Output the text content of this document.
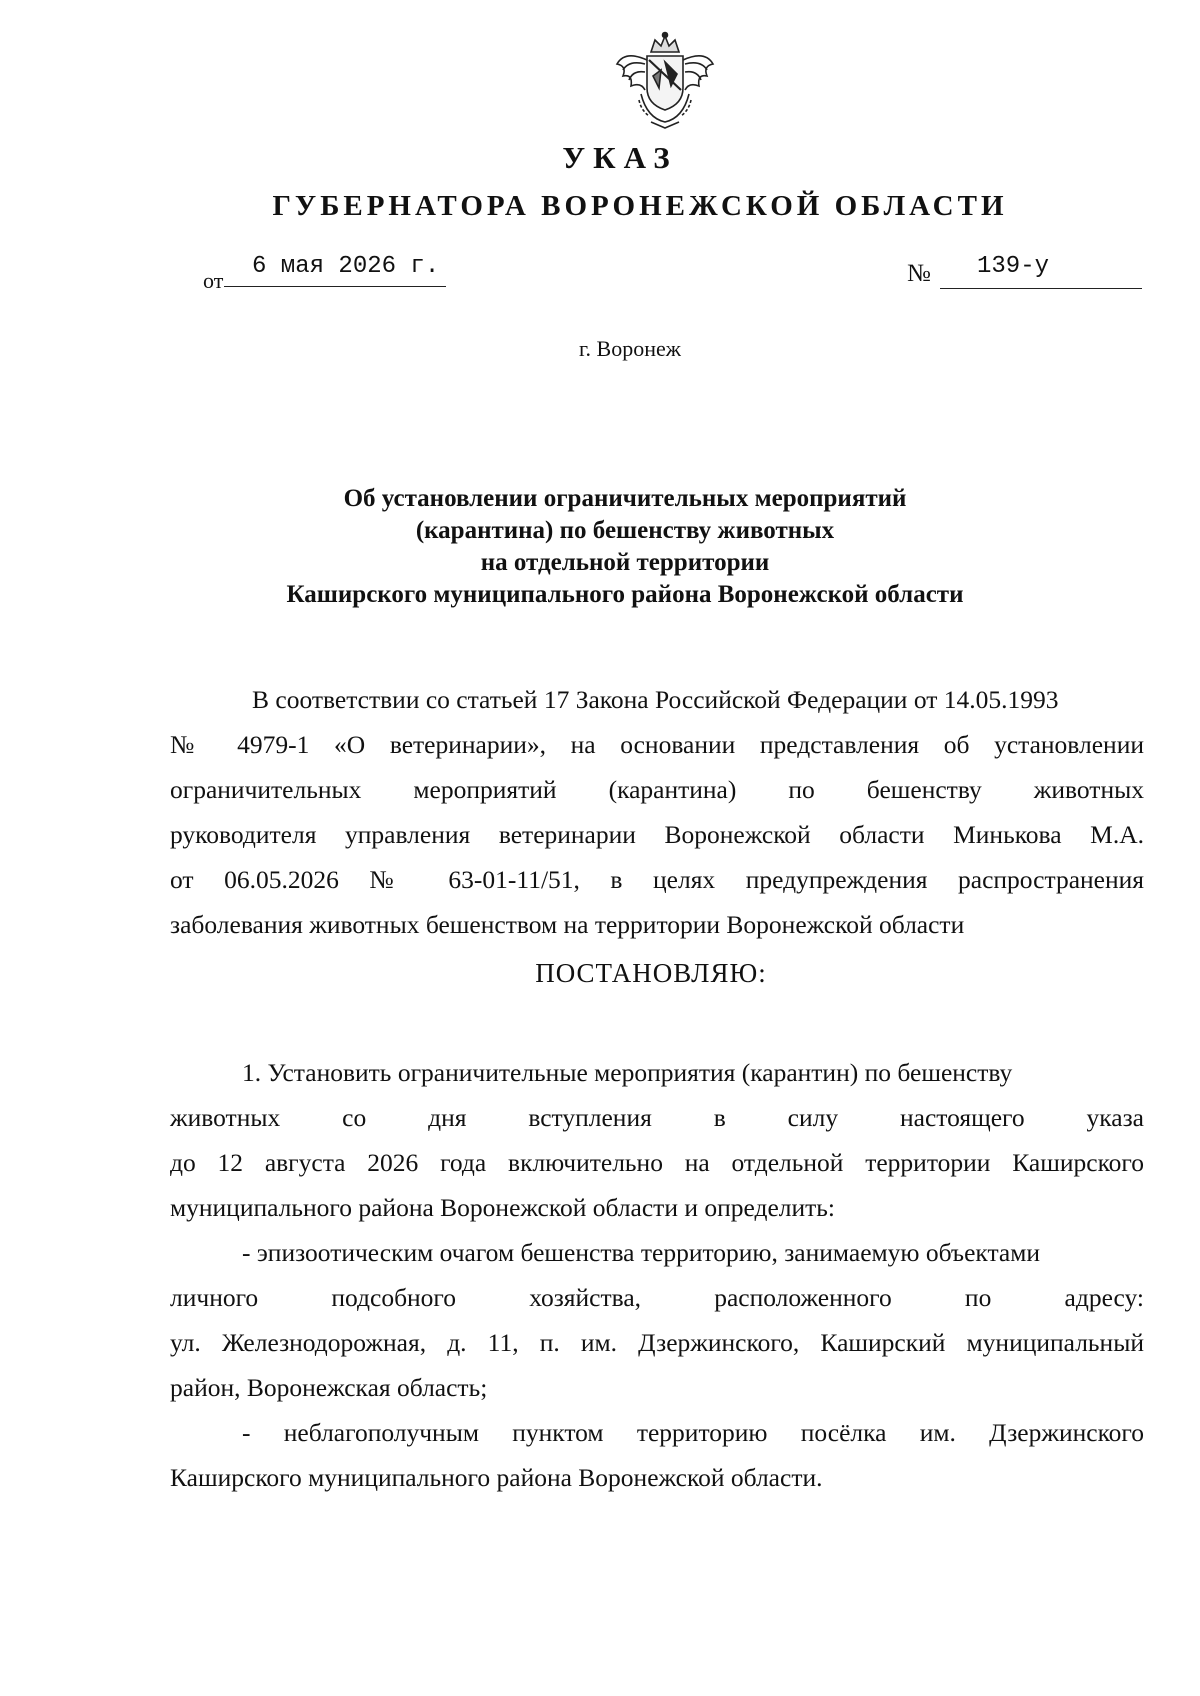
УКАЗ
ГУБЕРНАТОРА ВОРОНЕЖСКОЙ ОБЛАСТИ
от
6 мая 2026 г.	№ 139-у
г. Воронеж
Об установлении ограничительных мероприятий
(карантина) по бешенству животных
на отдельной территории
Каширского муниципального района Воронежской области
В соответствии со статьей 17 Закона Российской Федерации от 14.05.1993
№ 4979-1 «О ветеринарии», на основании представления об установлении
ограничительных мероприятий (карантина) по бешенству животных
руководителя управления ветеринарии Воронежской области Минькова М.А.
от 06.05.2026 № 63-01-11/51, в целях предупреждения распространения
заболевания животных бешенством на территории Воронежской области
ПОСТАНОВЛЯЮ:
1. Установить ограничительные мероприятия (карантин) по бешенству
животных со дня вступления в силу настоящего указа
до 12 августа 2026 года включительно на отдельной территории Каширского
муниципального района Воронежской области и определить:
- эпизоотическим очагом бешенства территорию, занимаемую объектами
личного подсобного хозяйства, расположенного по адресу:
ул. Железнодорожная, д. 11, п. им. Дзержинского, Каширский муниципальный
район, Воронежская область;
- неблагополучным пунктом территорию посёлка им. Дзержинского
Каширского муниципального района Воронежской области.
